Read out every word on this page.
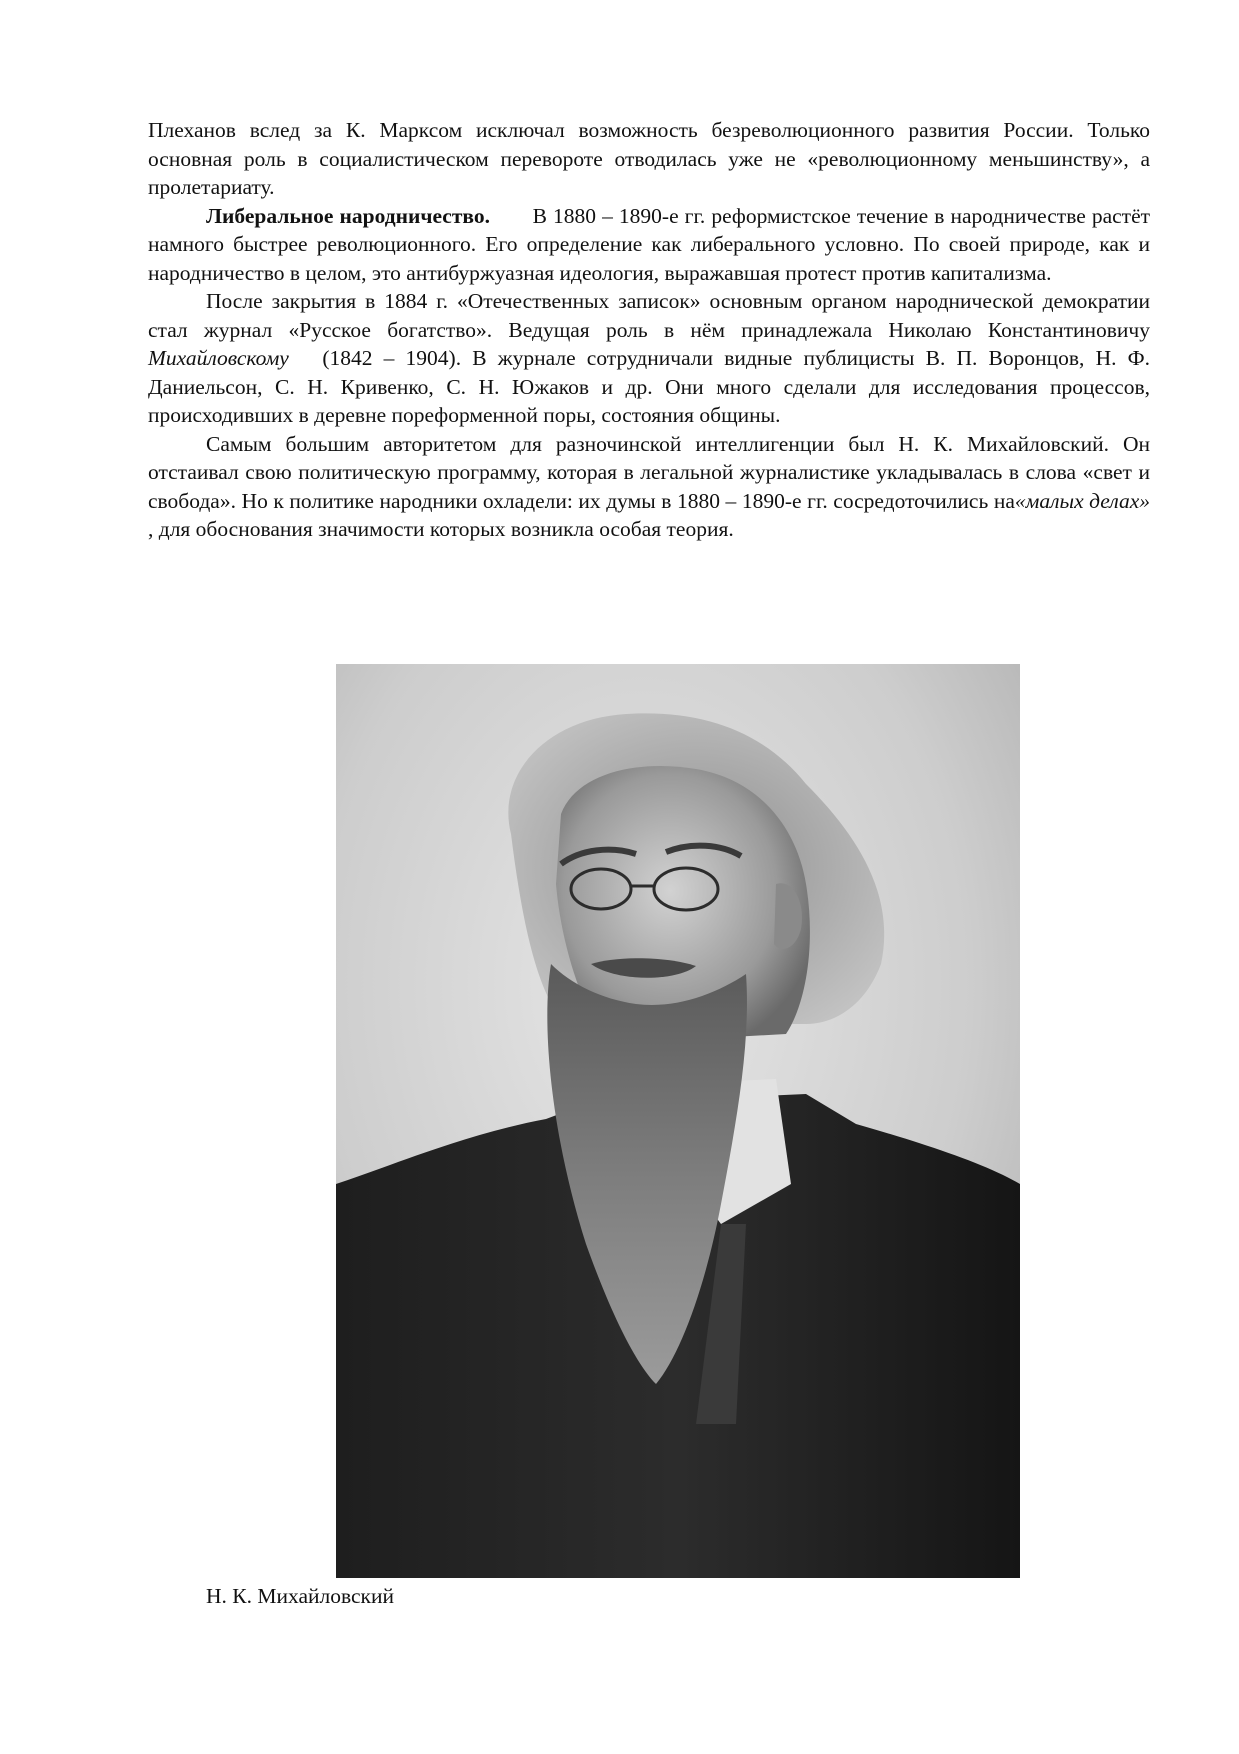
Плеханов вслед за К. Марксом исключал возможность безреволюционного развития России. Только основная роль в социалистическом перевороте отводилась уже не «революционному меньшинству», а пролетариату.

Либеральное народничество. В 1880 – 1890-е гг. реформистское течение в народничестве растёт намного быстрее революционного. Его определение как либерального условно. По своей природе, как и народничество в целом, это антибуржуазная идеология, выражавшая протест против капитализма.

После закрытия в 1884 г. «Отечественных записок» основным органом народнической демократии стал журнал «Русское богатство». Ведущая роль в нём принадлежала Николаю Константиновичу Михайловскому (1842 – 1904). В журнале сотрудничали видные публицисты В. П. Воронцов, Н. Ф. Даниельсон, С. Н. Кривенко, С. Н. Южаков и др. Они много сделали для исследования процессов, происходивших в деревне пореформенной поры, состояния общины.

Самым большим авторитетом для разночинской интеллигенции был Н. К. Михайловский. Он отстаивал свою политическую программу, которая в легальной журналистике укладывалась в слова «свет и свобода». Но к политике народники охладели: их думы в 1880 – 1890-е гг. сосредоточились на«малых делах» , для обоснования значимости которых возникла особая теория.

Н. К. Михайловский
